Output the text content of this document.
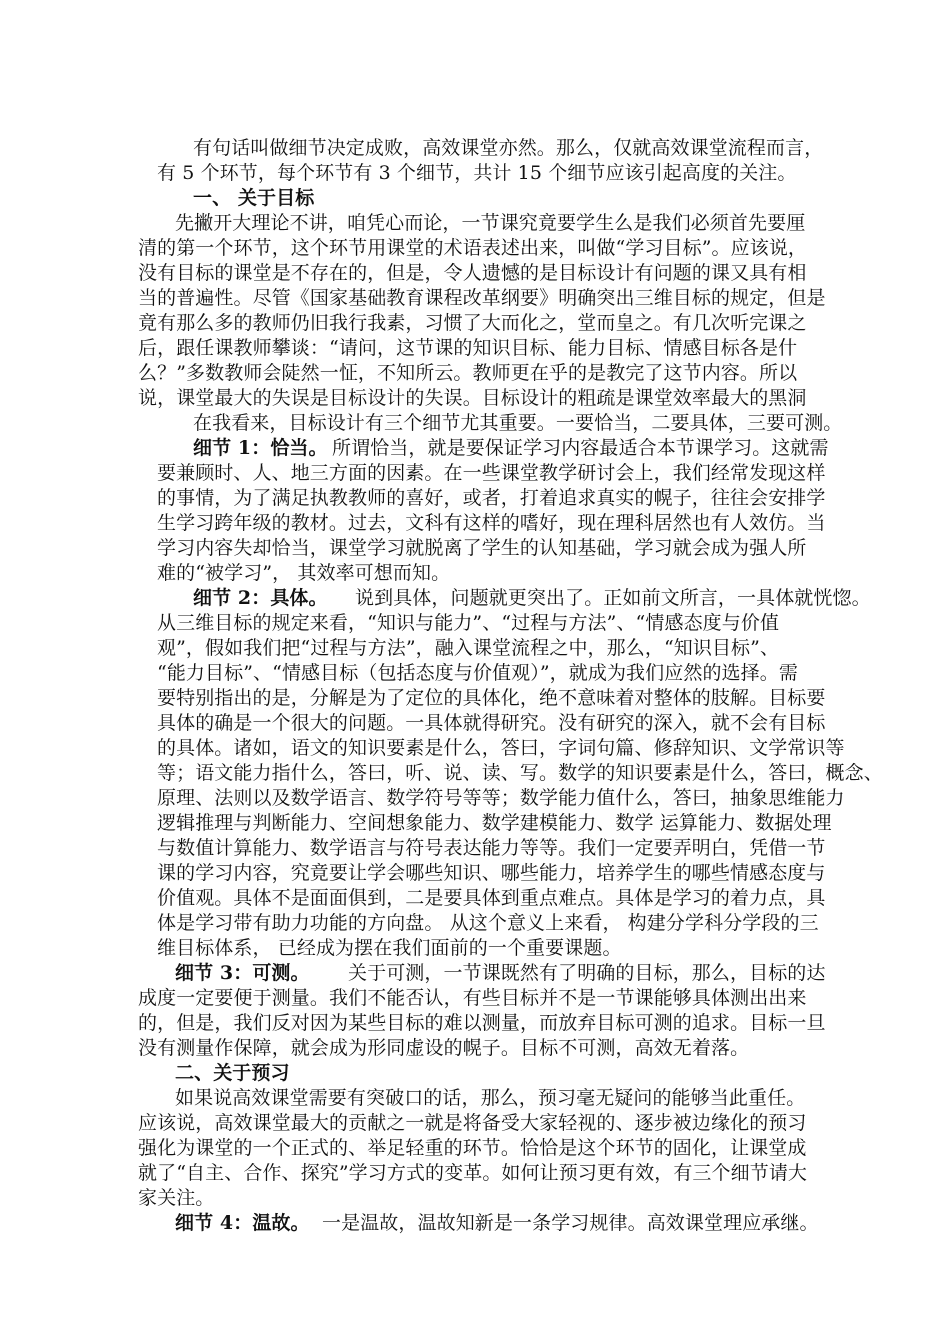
有句话叫做细节决定成败，高效课堂亦然。那么，仅就高效课堂流程而言，
有 5 个环节，每个环节有 3 个细节，共计 15 个细节应该引起高度的关注。
一、 关于目标
先撇开大理论不讲，咱凭心而论，一节课究竟要学生么是我们必须首先要厘
清的第一个环节，这个环节用课堂的术语表述出来，叫做“学习目标”。应该说，
没有目标的课堂是不存在的，但是，令人遗憾的是目标设计有问题的课又具有相
当的普遍性。尽管《国家基础教育课程改革纲要》明确突出三维目标的规定，但是
竟有那么多的教师仍旧我行我素，习惯了大而化之，堂而皇之。有几次听完课之
后，跟任课教师攀谈：“请问，这节课的知识目标、能力目标、情感目标各是什
么？”多数教师会陡然一怔，不知所云。教师更在乎的是教完了这节内容。所以
说，课堂最大的失误是目标设计的失误。目标设计的粗疏是课堂效率最大的黑洞
在我看来，目标设计有三个细节尤其重要。一要恰当，二要具体，三要可测。
细节 1：恰当。 所谓恰当，就是要保证学习内容最适合本节课学习。这就需
要兼顾时、人、地三方面的因素。在一些课堂教学研讨会上，我们经常发现这样
的事情，为了满足执教教师的喜好，或者，打着追求真实的幌子，往往会安排学
生学习跨年级的教材。过去，文科有这样的嗜好，现在理科居然也有人效仿。当
学习内容失却恰当，课堂学习就脱离了学生的认知基础，学习就会成为强人所
难的“被学习”， 其效率可想而知。
细节 2：具体。 说到具体，问题就更突出了。正如前文所言，一具体就恍惚。
从三维目标的规定来看，“知识与能力”、“过程与方法”、“情感态度与价值
观”，假如我们把“过程与方法”，融入课堂流程之中，那么，“知识目标”、
“能力目标”、“情感目标（包括态度与价值观）”，就成为我们应然的选择。需
要特别指出的是，分解是为了定位的具体化，绝不意味着对整体的肢解。目标要
具体的确是一个很大的问题。一具体就得研究。没有研究的深入，就不会有目标
的具体。诸如，语文的知识要素是什么，答曰，字词句篇、修辞知识、文学常识等
等；语文能力指什么，答曰，听、说、读、写。数学的知识要素是什么，答曰，概念、
原理、法则以及数学语言、数学符号等等；数学能力值什么，答曰，抽象思维能力
逻辑推理与判断能力、空间想象能力、数学建模能力、数学 运算能力、数据处理
与数值计算能力、数学语言与符号表达能力等等。我们一定要弄明白，凭借一节
课的学习内容，究竟要让学会哪些知识、哪些能力，培养学生的哪些情感态度与
价值观。具体不是面面俱到，二是要具体到重点难点。具体是学习的着力点，具
体是学习带有助力功能的方向盘。 从这个意义上来看， 构建分学科分学段的三
维目标体系， 已经成为摆在我们面前的一个重要课题。
细节 3：可测。 关于可测，一节课既然有了明确的目标，那么，目标的达
成度一定要便于测量。我们不能否认，有些目标并不是一节课能够具体测出出来
的，但是，我们反对因为某些目标的难以测量，而放弃目标可测的追求。目标一旦
没有测量作保障，就会成为形同虚设的幌子。目标不可测，高效无着落。
二、关于预习
如果说高效课堂需要有突破口的话，那么，预习毫无疑问的能够当此重任。
应该说，高效课堂最大的贡献之一就是将备受大家轻视的、逐步被边缘化的预习
强化为课堂的一个正式的、举足轻重的环节。恰恰是这个环节的固化，让课堂成
就了“自主、合作、探究”学习方式的变革。如何让预习更有效，有三个细节请大
家关注。
细节 4：温故。 一是温故，温故知新是一条学习规律。高效课堂理应承继。
